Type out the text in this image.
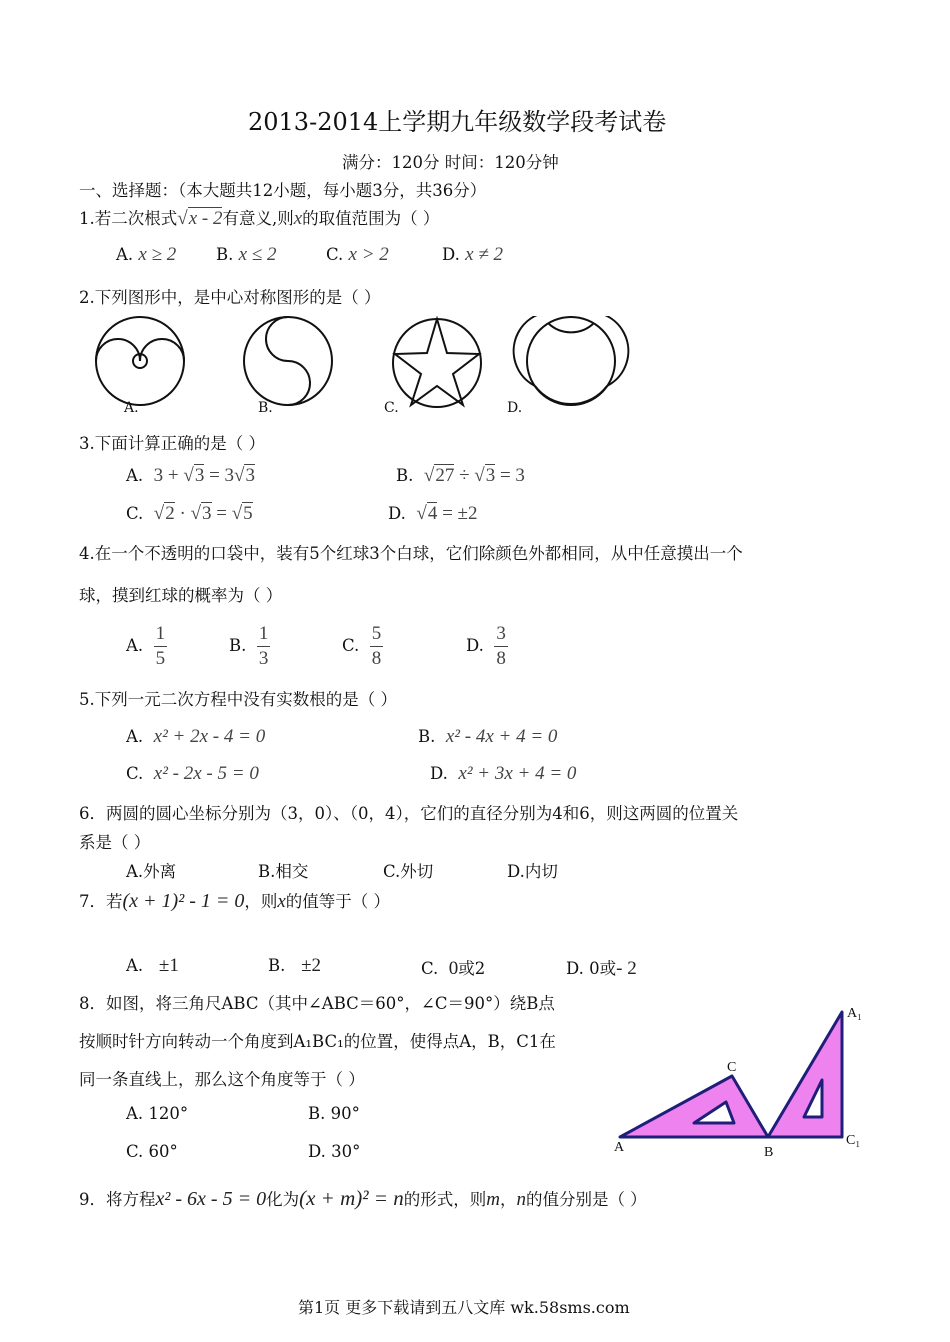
2013-2014上学期九年级数学段考试卷
满分：120分 时间：120分钟
一、选择题：（本大题共12小题，每小题3分，共36分）
1.若二次根式√x - 2有意义,则x的取值范围为（ ）
A. x ≥ 2 B. x ≤ 2	C. x > 2	D. x ≠ 2
2.下列图形中，是中心对称图形的是（ ）
A.	B.	C.	D.
3.下面计算正确的是（ ）
A. 3 + √3 = 3√3	B. √27 ÷ √3 = 3
C. √2 · √3 = √5	D. √4 = ±2
4.在一个不透明的口袋中，装有5个红球3个白球，它们除颜色外都相同，从中任意摸出一个
球，摸到红球的概率为（ ）
A. $\frac{1}{5}$	B. $\frac{1}{3}$	C. $\frac{5}{8}$	D. $\frac{3}{8}$
5.下列一元二次方程中没有实数根的是（ ）
A. x² + 2x - 4 = 0	B. x² - 4x + 4 = 0
C. x² - 2x - 5 = 0	D. x² + 3x + 4 = 0
6．两圆的圆心坐标分别为（3，0）、（0，4），它们的直径分别为4和6，则这两圆的位置关
系是（ ）
A.外离	B.相交	C.外切	D.内切
7．若(x + 1)² - 1 = 0，则x的值等于（ ）
A. ±1	B. ±2	C. 0或2	D. 0或- 2
8．如图，将三角尺ABC（其中∠ABC＝60°，∠C＝90°）绕B点
按顺时针方向转动一个角度到A₁BC₁的位置，使得点A，B，C1在
同一条直线上，那么这个角度等于（ ）
A. 120°	B. 90°
C. 60°	D. 30°	A	B
C
A₁
C₁
9．将方程x² - 6x - 5 = 0化为(x + m)² = n的形式，则m，n的值分别是（ ）
第1页 更多下载请到五八文库 wk.58sms.com
